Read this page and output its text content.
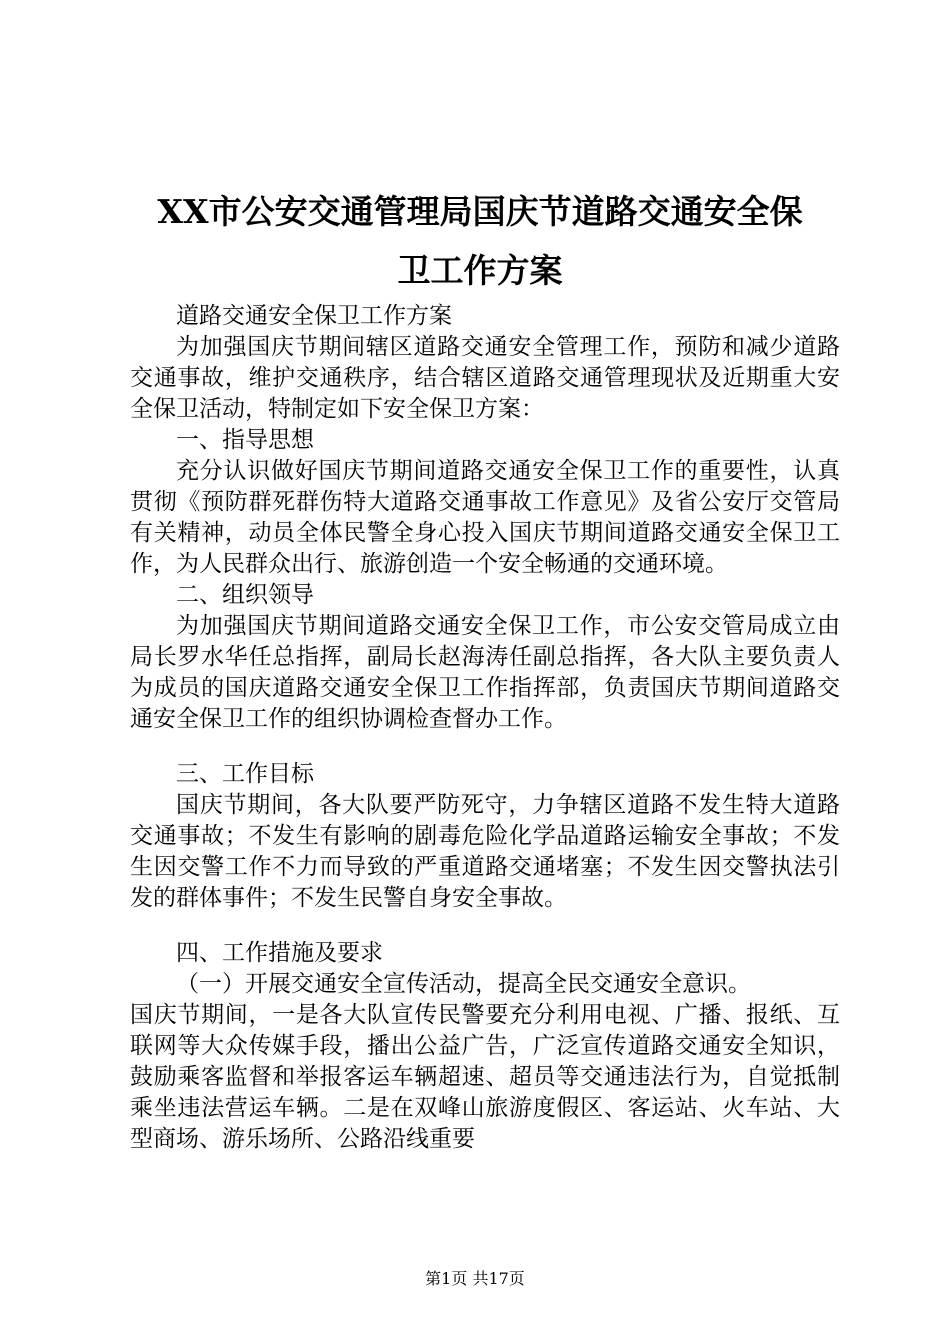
XX市公安交通管理局国庆节道路交通安全保
卫工作方案

道路交通安全保卫工作方案

为加强国庆节期间辖区道路交通安全管理工作，预防和减少道路交通事故，维护交通秩序，结合辖区道路交通管理现状及近期重大安全保卫活动，特制定如下安全保卫方案：

一、指导思想

充分认识做好国庆节期间道路交通安全保卫工作的重要性，认真贯彻《预防群死群伤特大道路交通事故工作意见》及省公安厅交管局有关精神，动员全体民警全身心投入国庆节期间道路交通安全保卫工作，为人民群众出行、旅游创造一个安全畅通的交通环境。

二、组织领导

为加强国庆节期间道路交通安全保卫工作，市公安交管局成立由局长罗水华任总指挥，副局长赵海涛任副总指挥，各大队主要负责人为成员的国庆道路交通安全保卫工作指挥部，负责国庆节期间道路交通安全保卫工作的组织协调检查督办工作。

三、工作目标

国庆节期间，各大队要严防死守，力争辖区道路不发生特大道路交通事故；不发生有影响的剧毒危险化学品道路运输安全事故；不发生因交警工作不力而导致的严重道路交通堵塞；不发生因交警执法引发的群体事件；不发生民警自身安全事故。

四、工作措施及要求

（一）开展交通安全宣传活动，提高全民交通安全意识。

国庆节期间，一是各大队宣传民警要充分利用电视、广播、报纸、互联网等大众传媒手段，播出公益广告，广泛宣传道路交通安全知识，鼓励乘客监督和举报客运车辆超速、超员等交通违法行为，自觉抵制乘坐违法营运车辆。二是在双峰山旅游度假区、客运站、火车站、大型商场、游乐场所、公路沿线重要

第1页 共17页
